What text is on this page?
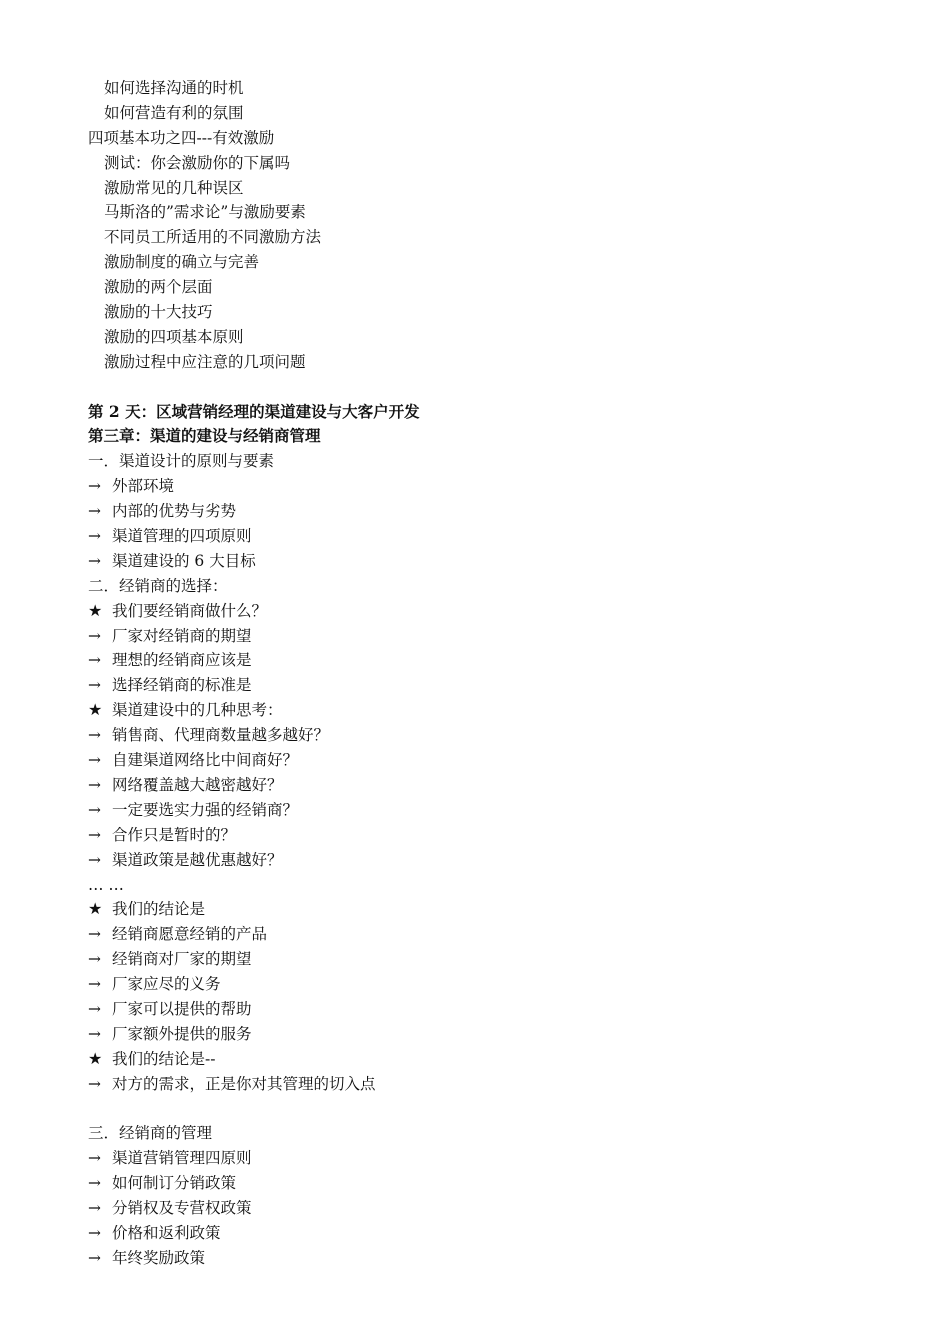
如何选择沟通的时机
如何营造有利的氛围
四项基本功之四---有效激励
测试：你会激励你的下属吗
激励常见的几种误区
马斯洛的”需求论”与激励要素
不同员工所适用的不同激励方法
激励制度的确立与完善
激励的两个层面
激励的十大技巧
激励的四项基本原则
激励过程中应注意的几项问题
第 2 天：区域营销经理的渠道建设与大客户开发
第三章：渠道的建设与经销商管理
一．渠道设计的原则与要素
→ 外部环境
→ 内部的优势与劣势
→ 渠道管理的四项原则
→ 渠道建设的 6 大目标
二．经销商的选择：
★ 我们要经销商做什么？
→ 厂家对经销商的期望
→ 理想的经销商应该是
→ 选择经销商的标准是
★ 渠道建设中的几种思考：
→ 销售商、代理商数量越多越好？
→ 自建渠道网络比中间商好？
→ 网络覆盖越大越密越好？
→ 一定要选实力强的经销商？
→ 合作只是暂时的？
→ 渠道政策是越优惠越好？
… …
★ 我们的结论是
→ 经销商愿意经销的产品
→ 经销商对厂家的期望
→ 厂家应尽的义务
→ 厂家可以提供的帮助
→ 厂家额外提供的服务
★ 我们的结论是--
→ 对方的需求，正是你对其管理的切入点
三．经销商的管理
→ 渠道营销管理四原则
→ 如何制订分销政策
→ 分销权及专营权政策
→ 价格和返利政策
→ 年终奖励政策
